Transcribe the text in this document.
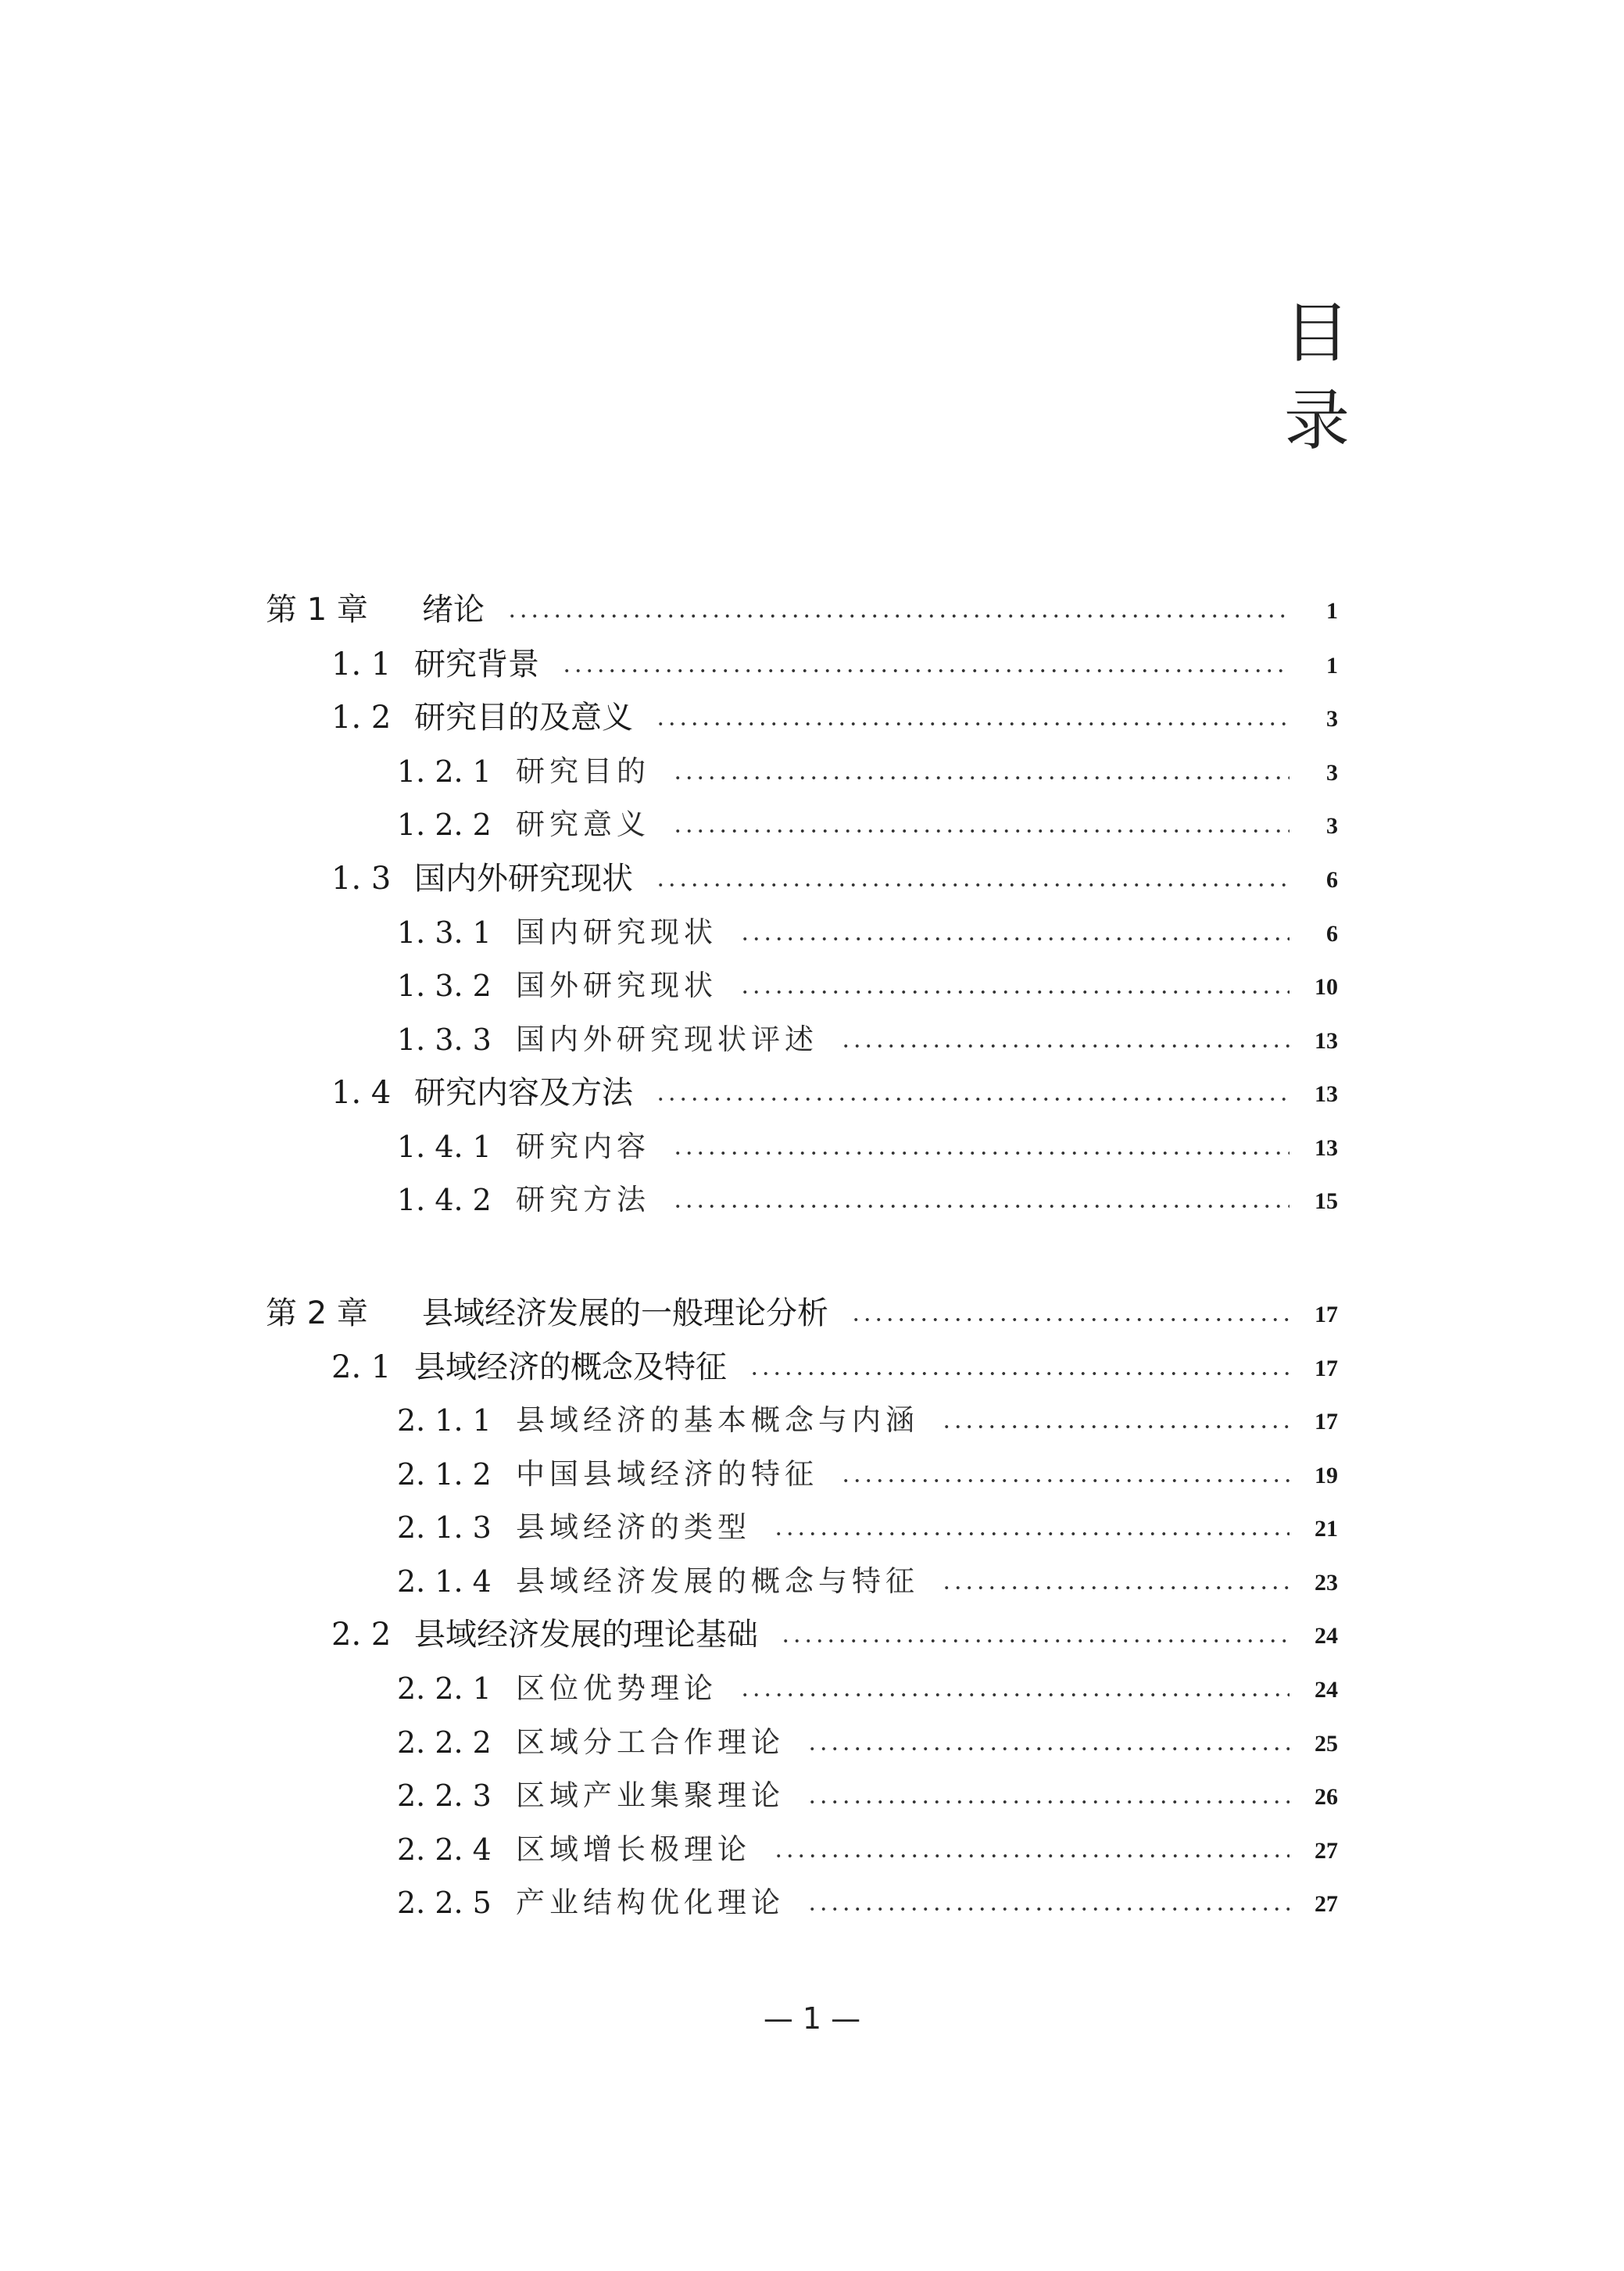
目
录
第 1 章 绪论	1
1. 1 研究背景	1
1. 2 研究目的及意义	3
1. 2. 1 研究目的	3
1. 2. 2 研究意义	3
1. 3 国内外研究现状	6
1. 3. 1 国内研究现状	6
1. 3. 2 国外研究现状	10
1. 3. 3 国内外研究现状评述	13
1. 4 研究内容及方法	13
1. 4. 1 研究内容	13
1. 4. 2 研究方法	15
第 2 章 县域经济发展的一般理论分析	17
2. 1 县域经济的概念及特征	17
2. 1. 1 县域经济的基本概念与内涵	17
2. 1. 2 中国县域经济的特征	19
2. 1. 3 县域经济的类型	21
2. 1. 4 县域经济发展的概念与特征	23
2. 2 县域经济发展的理论基础	24
2. 2. 1 区位优势理论	24
2. 2. 2 区域分工合作理论	25
2. 2. 3 区域产业集聚理论	26
2. 2. 4 区域增长极理论	27
2. 2. 5 产业结构优化理论	27
— 1 —
